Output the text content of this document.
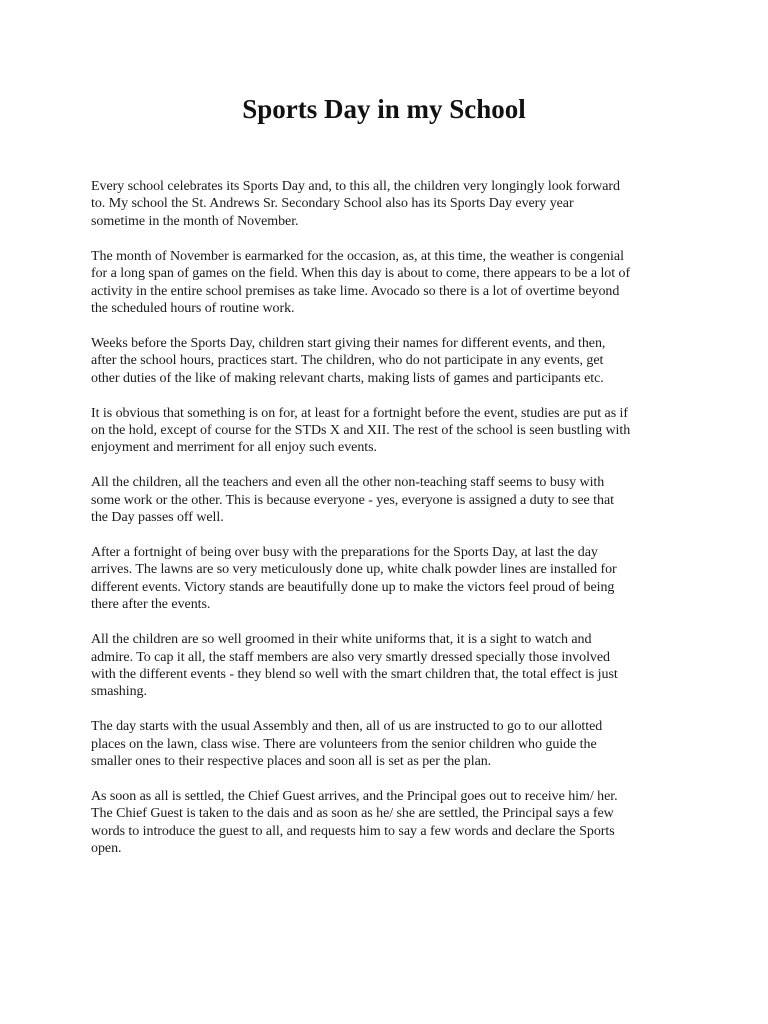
Sports Day in my School

Every school celebrates its Sports Day and, to this all, the children very longingly look forward
to. My school the St. Andrews Sr. Secondary School also has its Sports Day every year
sometime in the month of November.

The month of November is earmarked for the occasion, as, at this time, the weather is congenial
for a long span of games on the field. When this day is about to come, there appears to be a lot of
activity in the entire school premises as take lime. Avocado so there is a lot of overtime beyond
the scheduled hours of routine work.

Weeks before the Sports Day, children start giving their names for different events, and then,
after the school hours, practices start. The children, who do not participate in any events, get
other duties of the like of making relevant charts, making lists of games and participants etc.

It is obvious that something is on for, at least for a fortnight before the event, studies are put as if
on the hold, except of course for the STDs X and XII. The rest of the school is seen bustling with
enjoyment and merriment for all enjoy such events.

All the children, all the teachers and even all the other non-teaching staff seems to busy with
some work or the other. This is because everyone - yes, everyone is assigned a duty to see that
the Day passes off well.

After a fortnight of being over busy with the preparations for the Sports Day, at last the day
arrives. The lawns are so very meticulously done up, white chalk powder lines are installed for
different events. Victory stands are beautifully done up to make the victors feel proud of being
there after the events.

All the children are so well groomed in their white uniforms that, it is a sight to watch and
admire. To cap it all, the staff members are also very smartly dressed specially those involved
with the different events - they blend so well with the smart children that, the total effect is just
smashing.

The day starts with the usual Assembly and then, all of us are instructed to go to our allotted
places on the lawn, class wise. There are volunteers from the senior children who guide the
smaller ones to their respective places and soon all is set as per the plan.

As soon as all is settled, the Chief Guest arrives, and the Principal goes out to receive him/ her.
The Chief Guest is taken to the dais and as soon as he/ she are settled, the Principal says a few
words to introduce the guest to all, and requests him to say a few words and declare the Sports
open.
